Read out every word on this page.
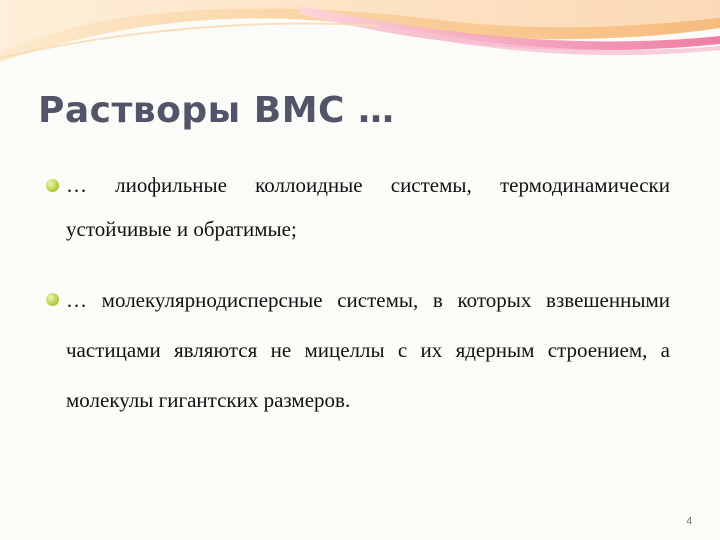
Растворы ВМС …
… лиофильные коллоидные системы, термодинамически устойчивые и обратимые;
… молекулярнодисперсные системы, в которых взвешенными частицами являются не мицеллы с их ядерным строением, а молекулы гигантских размеров.
4
